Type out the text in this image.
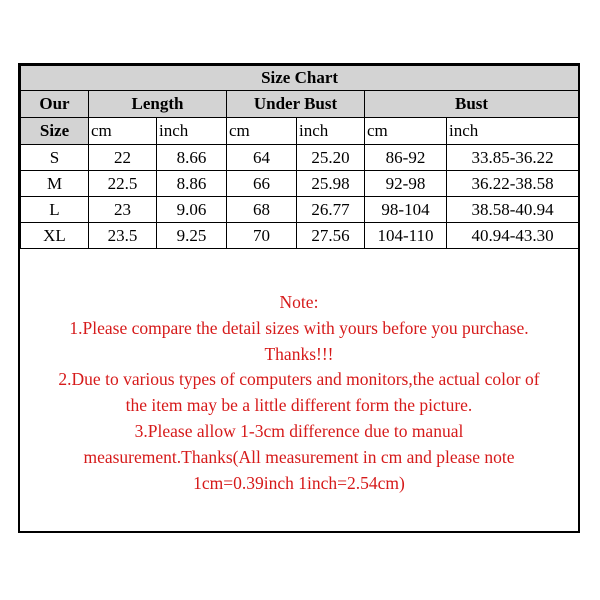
Size Chart						
Our	Length		Under Bust		Bust	
Size	cm	inch	cm	inch	cm	inch
S	22	8.66	64	25.20	86-92	33.85-36.22
M	22.5	8.86	66	25.98	92-98	36.22-38.58
L	23	9.06	68	26.77	98-104	38.58-40.94
XL	23.5	9.25	70	27.56	104-110	40.94-43.30
Note:
1.Please compare the detail sizes with yours before you purchase.
Thanks!!!
2.Due to various types of computers and monitors,the actual color of
the item may be a little different form the picture.
3.Please allow 1-3cm difference due to manual
measurement.Thanks(All measurement in cm and please note
1cm=0.39inch 1inch=2.54cm)
